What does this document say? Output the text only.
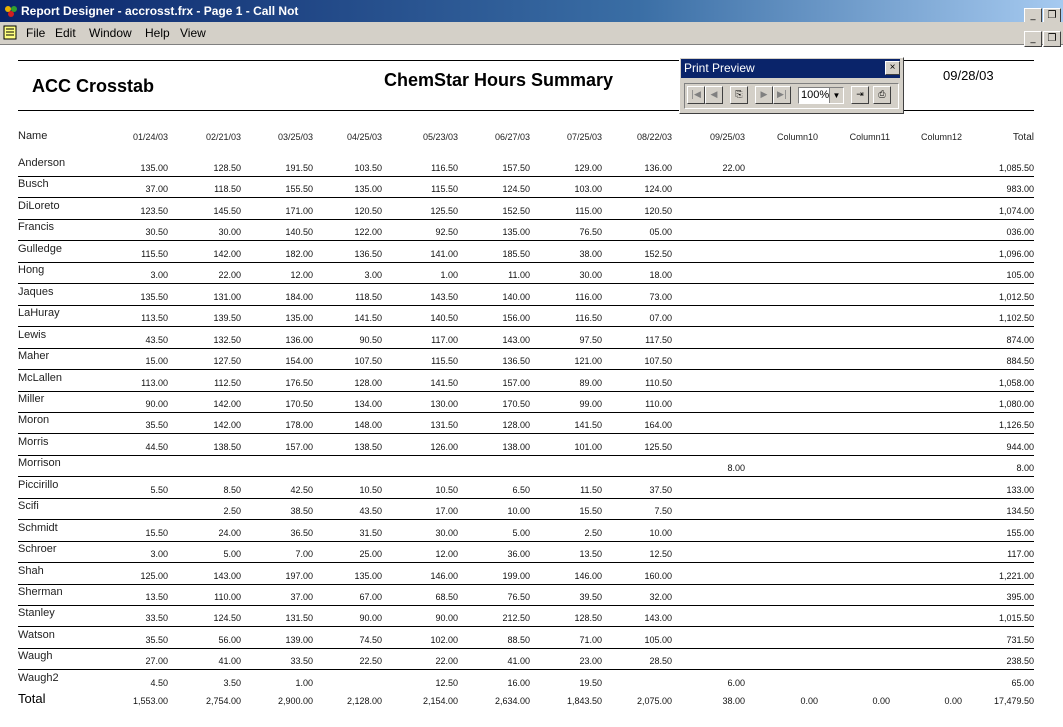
Report Designer - accrosst.frx - Page 1 - Call Not	_ ❐
File Edit Window Help View	_ ❐
ACC Crosstab	ChemStar Hours Summary	09/28/03
Name	01/24/03	02/21/03	03/25/03	04/25/03	05/23/03	06/27/03	07/25/03	08/22/03	09/25/03	Column10	Column11	Column12	Total
Anderson	135.00	128.50	191.50	103.50	116.50	157.50	129.00	136.00	22.00	1,085.50
Busch	37.00	118.50	155.50	135.00	115.50	124.50	103.00	124.00	983.00
DiLoreto	123.50	145.50	171.00	120.50	125.50	152.50	115.00	120.50	1,074.00
Francis	30.50	30.00	140.50	122.00	92.50	135.00	76.50	05.00	036.00
Gulledge	115.50	142.00	182.00	136.50	141.00	185.50	38.00	152.50	1,096.00
Hong	3.00	22.00	12.00	3.00	1.00	11.00	30.00	18.00	105.00
Jaques	135.50	131.00	184.00	118.50	143.50	140.00	116.00	73.00	1,012.50
LaHuray	113.50	139.50	135.00	141.50	140.50	156.00	116.50	07.00	1,102.50
Lewis	43.50	132.50	136.00	90.50	117.00	143.00	97.50	117.50	874.00
Maher	15.00	127.50	154.00	107.50	115.50	136.50	121.00	107.50	884.50
McLallen	113.00	112.50	176.50	128.00	141.50	157.00	89.00	110.50	1,058.00
Miller	90.00	142.00	170.50	134.00	130.00	170.50	99.00	110.00	1,080.00
Moron	35.50	142.00	178.00	148.00	131.50	128.00	141.50	164.00	1,126.50
Morris	44.50	138.50	157.00	138.50	126.00	138.00	101.00	125.50	944.00
Morrison	8.00	8.00
Piccirillo	5.50	8.50	42.50	10.50	10.50	6.50	11.50	37.50	133.00
Scifi	2.50	38.50	43.50	17.00	10.00	15.50	7.50	134.50
Schmidt	15.50	24.00	36.50	31.50	30.00	5.00	2.50	10.00	155.00
Schroer	3.00	5.00	7.00	25.00	12.00	36.00	13.50	12.50	117.00
Shah	125.00	143.00	197.00	135.00	146.00	199.00	146.00	160.00	1,221.00
Sherman	13.50	110.00	37.00	67.00	68.50	76.50	39.50	32.00	395.00
Stanley	33.50	124.50	131.50	90.00	90.00	212.50	128.50	143.00	1,015.50
Watson	35.50	56.00	139.00	74.50	102.00	88.50	71.00	105.00	731.50
Waugh	27.00	41.00	33.50	22.50	22.00	41.00	23.00	28.50	238.50
Waugh2	4.50	3.50	1.00	12.50	16.00	19.50	6.00	65.00
Total	1,553.00	2,754.00	2,900.00	2,128.00	2,154.00	2,634.00	1,843.50	2,075.00	38.00	0.00	0.00	0.00	17,479.50
Print Preview	×
|◀	◀	⎘	▶	▶|	100% ▼	⇥	⎙
